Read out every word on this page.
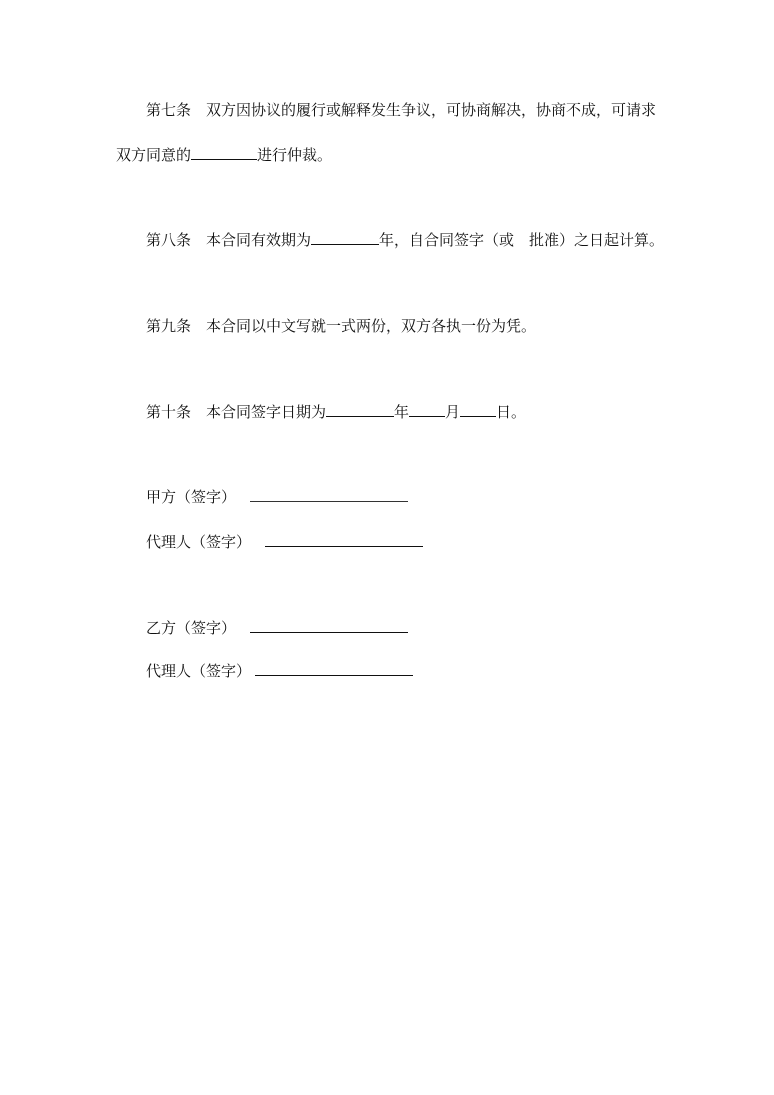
第七条　双方因协议的履行或解释发生争议，可协商解决，协商不成，可请求
双方同意的	进行仲裁。
第八条　本合同有效期为	年，自合同签字（或　批准）之日起计算。
第九条　本合同以中文写就一式两份，双方各执一份为凭。
第十条　本合同签字日期为	年 月 日。
甲方（签字）
代理人（签字）
乙方（签字）
代理人（签字）
